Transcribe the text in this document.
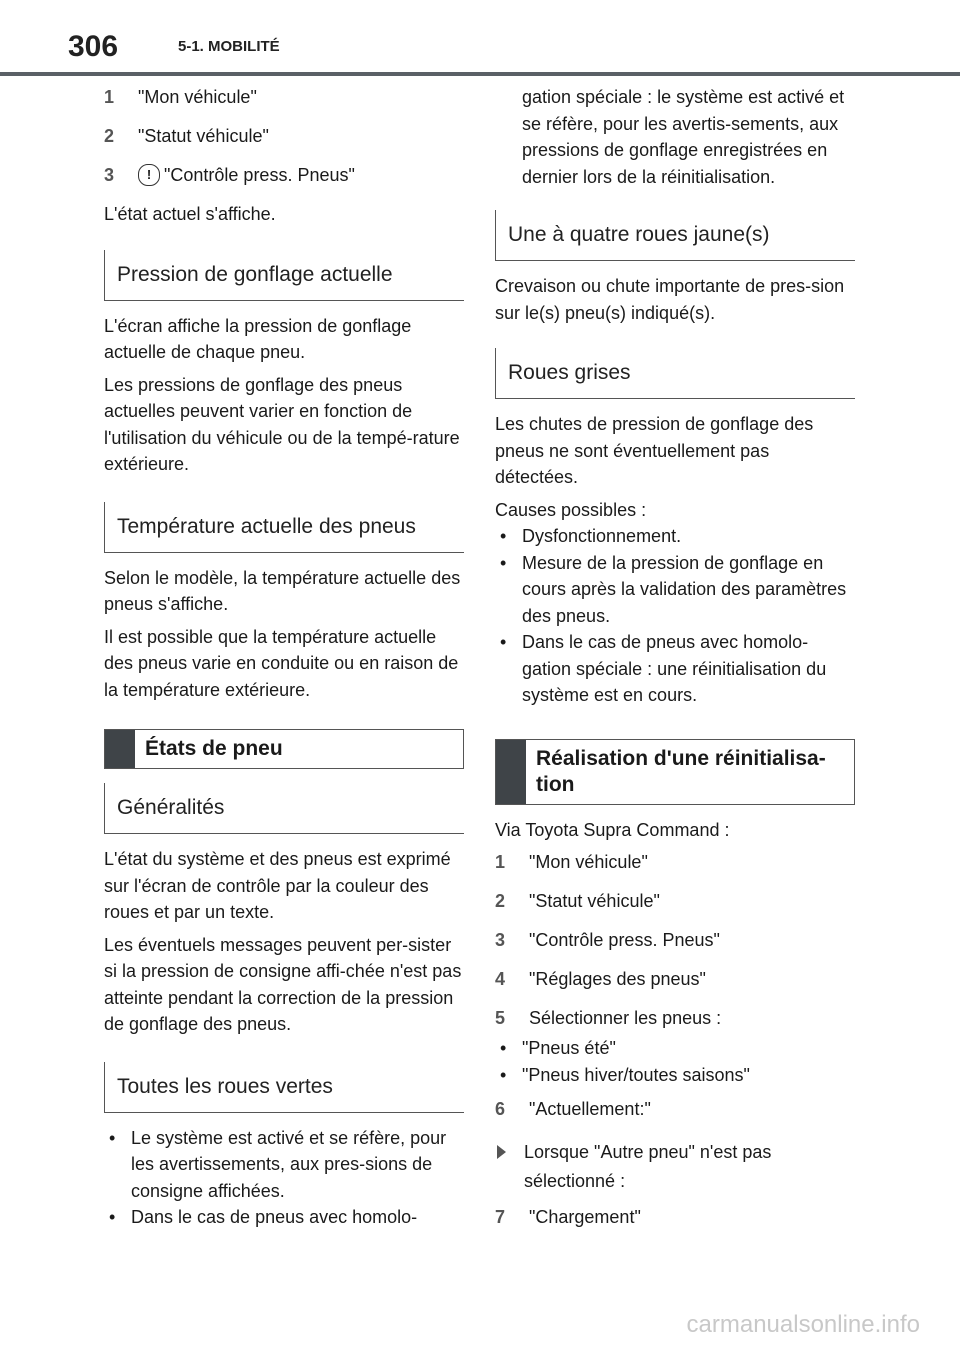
306	5-1. MOBILITÉ
1	"Mon véhicule"
2	"Statut véhicule"
3	! "Contrôle press. Pneus"

L'état actuel s'affiche.

Pression de gonflage actuelle

L'écran affiche la pression de gonflage actuelle de chaque pneu.

Les pressions de gonflage des pneus actuelles peuvent varier en fonction de l'utilisation du véhicule ou de la tempé-rature extérieure.

Température actuelle des pneus

Selon le modèle, la température actuelle des pneus s'affiche.

Il est possible que la température actuelle des pneus varie en conduite ou en raison de la température extérieure.

États de pneu
Généralités

L'état du système et des pneus est exprimé sur l'écran de contrôle par la couleur des roues et par un texte.

Les éventuels messages peuvent per-sister si la pression de consigne affi-chée n'est pas atteinte pendant la correction de la pression de gonflage des pneus.

Toutes les roues vertes
• Le système est activé et se réfère, pour les avertissements, aux pres-sions de consigne affichées.
• Dans le cas de pneus avec homolo-

gation spéciale : le système est activé et se réfère, pour les avertis-sements, aux pressions de gonflage enregistrées en dernier lors de la réinitialisation.

Une à quatre roues jaune(s)

Crevaison ou chute importante de pres-sion sur le(s) pneu(s) indiqué(s).

Roues grises

Les chutes de pression de gonflage des pneus ne sont éventuellement pas détectées.

Causes possibles :

• Dysfonctionnement.
• Mesure de la pression de gonflage en cours après la validation des paramètres des pneus.
• Dans le cas de pneus avec homolo-gation spéciale : une réinitialisation du système est en cours.
Réalisation d'une réinitialisa-tion

Via Toyota Supra Command :

1	"Mon véhicule"
2	"Statut véhicule"
3	"Contrôle press. Pneus"
4	"Réglages des pneus"
5	Sélectionner les pneus :
• "Pneus été"
• "Pneus hiver/toutes saisons"
6	"Actuellement:"
Lorsque "Autre pneu" n'est pas sélectionné :
7	"Chargement"
carmanualsonline.info
